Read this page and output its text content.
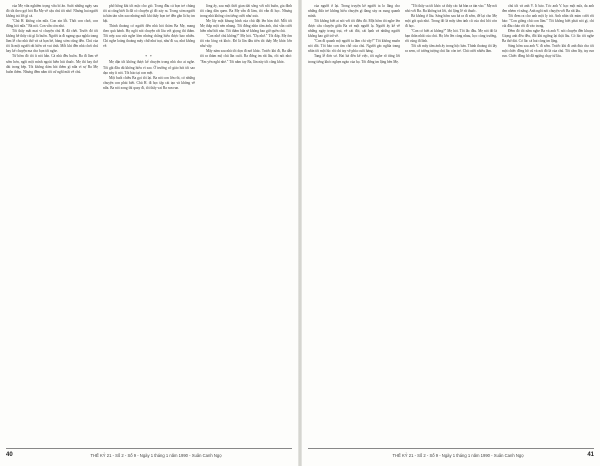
của Mẹ vừa nghiêm trọng vừa bí ẩn. Suốt những ngày sau đó tôi theo gợi hỏi Ba Mẹ về cậu chú tôi nhớ. Nhưng hai người không trả lời gì cả.

"Chú H. không còn nữa. Con xin lỗi. Thôi con chơi, con đừng hỏi nữa." Bà nói. Con vẫn còn nhỏ.

Tôi thấy mắt mai vì chuyện chú H. đã chết. Trước đó tôi không hề thấy cái gì là buồn. Người ta đi ngang qua nghĩa trang làm lễ cho nhà thờ và cả bạn bè, hàng xóm cũng đến. Chú của tôi là một người rất hiền và vui tính. Mỗi khi đến nhà chơi chú hay kể chuyện ma cho bọn tôi nghe.

Từ hôm đó tôi ít nói hẳn. Cả nhà đều buồn. Ba đi làm về sớm hơn, ngồi một mình ngoài hiên hút thuốc. Mẹ thì hay thở dài trong bếp. Tôi không dám hỏi thêm gì nữa vì sợ Ba Mẹ buồn thêm. Nhưng đêm nằm tôi cứ nghĩ mãi về chú.

phố hồng khi tối mặc cho gió. Trong đầu cả bọn trẻ chúng tôi ai cũng biết là đã có chuyện gì đó xảy ra. Trong xóm người ta bàn tán xôn xao nhưng mỗi khi thấy bọn trẻ đến gần là họ im bặt.

Thỉnh thoảng có người đến nhà hỏi thăm Ba Mẹ, mang theo quà bánh. Họ ngồi nói chuyện rất lâu với giọng thì thầm. Tôi nép sau cửa nghe lóm nhưng chẳng hiểu được bao nhiêu. Chỉ nghe loáng thoáng mấy chữ như trại, như đi xa, như không về.

* *

Mẹ dặn tôi không được kể chuyện trong nhà cho ai nghe. Tôi gật đầu dù không hiểu vì sao. Ở trường cô giáo hỏi tôi sao dạo này ít nói. Tôi bảo tại con mệt.

Một buổi chiều Ba gọi tôi lại. Ba nói con lớn rồi, có những chuyện con phải biết. Chú H. đi học tập cải tạo và không về nữa. Ba nói xong thì quay đi, tôi thấy vai Ba run run.

lòng ấy, sau một thời gian dài sống với nỗi buồn, gia đình tôi cũng dần quen. Ba Mẹ vẫn đi làm, tôi vẫn đi học. Nhưng trong nhà không còn tiếng cười như xưa.

Mẹ lấy một khung hình của chú đặt lên bàn thờ. Mỗi tối Mẹ thắp một nén nhang. Tôi đứng nhìn tấm ảnh, chú vẫn cười hiền như hồi nào. Tôi thầm hứa sẽ không bao giờ quên chú.

"Con nhớ chú không?" Mẹ hỏi. "Dạ nhớ." Tôi đáp. Mẹ ôm tôi vào lòng và khóc. Đó là lần đầu tiên tôi thấy Mẹ khóc lớn như vậy.

Mấy năm sau nhà tôi dọn đi nơi khác. Trước khi đi, Ba dẫn tôi ra thăm mộ chú lần cuối. Ba đứng im rất lâu, rồi nói nhỏ: "Em yên nghỉ nhé." Tôi nắm tay Ba, lần này tôi cũng khóc.

40	THẾ KỶ 21 - Số 2 - Số 9 - Ngày 1 tháng 1 năm 1990 - Xuân Canh Ngọ

của người ở lại. Trong truyện kể người ta lo lắng cho những đứa trẻ không hiểu chuyện gì đang xảy ra xung quanh mình.

Tôi không biết ai nói với tôi điều đó. Một hôm tôi nghe lén được câu chuyện giữa Ba và một người lạ. Người ấy kể về những ngày trong trại, về cái đói, cái lạnh và những người không bao giờ trở về.

"Con đi quanh mộ người ta lâm chi vậy?" Tôi không muốn nói dối. Tôi bảo con tìm chỗ của chú. Người gác nghĩa trang nhìn tôi một lúc rồi chỉ tay về phía cuối hàng.

Tang lễ đơn sơ. Hai bà đến kể việc, tôi nghe rõ từng lời trong tiếng khóc nghẹn ngào của họ. Tôi đứng im lặng bên Mẹ.

"Tôi thấy sa tôi khóc cả thấy các bà bàn ra tán vào." Mẹ nói nhỏ với Ba. Ba không trả lời, chỉ lặng lẽ rít thuốc.

Bà không ở lâu. Sáng hôm sau bà ra đi sớm, để lại cho Mẹ một gói quà nhỏ. Trong đó là mấy tấm ảnh cũ của chú hồi còn đi học.

"Con có biết ai không?" Mẹ hỏi. Tôi lắc đầu. Mẹ nói đó là bạn thân nhất của chú. Họ lớn lên cùng nhau, học cùng trường, rồi cùng đi lính.

Tôi cất mấy tấm ảnh ấy trong hộc bàn. Thỉnh thoảng tôi lấy ra xem, cố tưởng tượng chú lúc còn trẻ. Chú cười nhiều lắm.

chú tôi và anh V. Ít bảo. Tóc anh V. bạc một nửa, da anh đen nhẻm vì nắng. Anh ngồi nói chuyện với Ba rất lâu.

Tôi đem ra cho anh một ly trà. Anh nhìn tôi mỉm cười rồi bảo: "Con giống chú con lắm." Tôi không biết phải nói gì, chỉ cúi đầu chào rồi đi vào trong.

Đêm đó tôi nằm nghe Ba và anh V. nói chuyện đến khuya. Giọng anh đều đều, đôi khi ngừng lại thật lâu. Có lúc tôi nghe Ba thở dài. Có lúc cả hai cùng im lặng.

Sáng hôm sau anh V. đi sớm. Trước khi đi anh đưa cho tôi một chiếc đồng hồ cũ và nói đó là của chú. Tôi cầm lấy, tay run run. Chiếc đồng hồ đã ngừng chạy từ lâu.

THẾ KỶ 21 - Số 2 - Số 9 - Ngày 1 tháng 1 năm 1990 - Xuân Canh Ngọ	41
